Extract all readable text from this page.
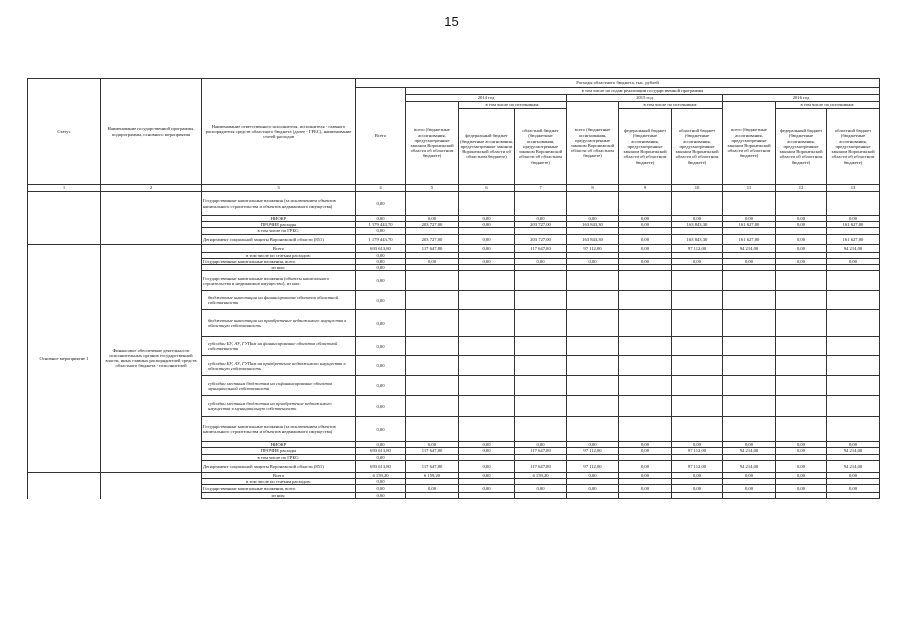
15
Статус	Наименование государственной программы, подпрограммы, основного мероприятия	Наименование ответственного исполнителя, исполнителя - главного распорядителя средств областного бюджета (далее - ГРБС), наименование статей расходов	Расходы областного бюджета, тыс. рублей									
			Всего	в том числе по годам реализации государственной программы								
				2014 год			2015 год			2016 год		
				всего (бюджетные ассигнования, предусмотренные законом Воронежской области об областном бюджете)	в том числе по источникам:		всего (бюджетные ассигнования, предусмотренные законом Воронежской области об областном бюджете)	в том числе по источникам:		всего (бюджетные ассигнования, предусмотренные законом Воронежской области об областном бюджете)	в том числе по источникам:	
					федеральный бюджет (бюджетные ассигнования, предусмотренные законом Воронежской области об областном бюджете)	областной бюджет (бюджетные ассигнования, предусмотренные законом Воронежской области об областном бюджете)		федеральный бюджет (бюджетные ассигнования, предусмотренные законом Воронежской области об областном бюджете)	областной бюджет (бюджетные ассигнования, предусмотренные законом Воронежской области об областном бюджете)		федеральный бюджет (бюджетные ассигнования, предусмотренные законом Воронежской области об областном бюджете)	областной бюджет (бюджетные ассигнования, предусмотренные законом Воронежской области об областном бюджете)

1	2	3	4	5	6	7	8	9	10	11	12	13
		Государственные капитальные вложения (за исключением объектов капитального строительства и объектов недвижимого имущества)	0,00									
		НИОКР	0,00	0,00	0,00	0,00	0,00	0,00	0,00	0,00	0,00	0,00
		ПРОЧИЕ расходы	1 179 443,70	203 727,00	0,00	203 727,00	163 843,30	0,00	163 843,30	161 627,00	0,00	161 627,00
		в том числе по ГРБС:	0,00									
		Департамент социальной защиты Воронежской области (851)	1 179 443,70	203 727,00	0,00	203 727,00	163 843,30	0,00	163 843,30	161 627,00	0,00	161 627,00
Основное мероприятие 1	Финансовое обеспечение деятельности исполнительных органов государственной власти, иных главных распорядителей средств областного бюджета - исполнителей	Всего	693 613,80	117 647,80	0,00	117 647,80	97 112,00	0,00	97 112,00	94 214,00	0,00	94 214,00
		в том числе по статьям расходов:	0,00									
		Государственные капитальные вложения, всего	0,00	0,00	0,00	0,00	0,00	0,00	0,00	0,00	0,00	0,00
		из них:	0,00									
		Государственные капитальные вложения (объекты капитального строительства и недвижимое имущество), из них:	0,00									
		бюджетные инвестиции на финансирование объектов областной собственности	0,00									
		бюджетные инвестиции на приобретение недвижимого имущества в областную собственность	0,00									
		субсидии БУ, АУ, ГУПам на финансирование объектов областной собственности	0,00									
		субсидии БУ, АУ, ГУПам на приобретение недвижимого имущества в областную собственность	0,00									
		субсидии местным бюджетам на софинансирование объектов муниципальной собственности	0,00									
		субсидии местным бюджетам на приобретение недвижимого имущества в муниципальную собственность	0,00									
		Государственные капитальные вложения (за исключением объектов капитального строительства и объектов недвижимого имущества)	0,00									
		НИОКР	0,00	0,00	0,00	0,00	0,00	0,00	0,00	0,00	0,00	0,00
		ПРОЧИЕ расходы	693 613,80	117 647,80	0,00	117 647,80	97 112,00	0,00	97 112,00	94 214,00	0,00	94 214,00
		в том числе по ГРБС:	0,00									
		Департамент социальной защиты Воронежской области (851)	693 613,80	117 647,80	0,00	117 647,80	97 112,00	0,00	97 112,00	94 214,00	0,00	94 214,00
		Всего	6 159,20	6 159,20	0,00	6 159,20	0,00	0,00	0,00	0,00	0,00	0,00
		в том числе по статьям расходов:	0,00									
		Государственные капитальные вложения, всего	0,00	0,00	0,00	0,00	0,00	0,00	0,00	0,00	0,00	0,00
		из них:	0,00									
